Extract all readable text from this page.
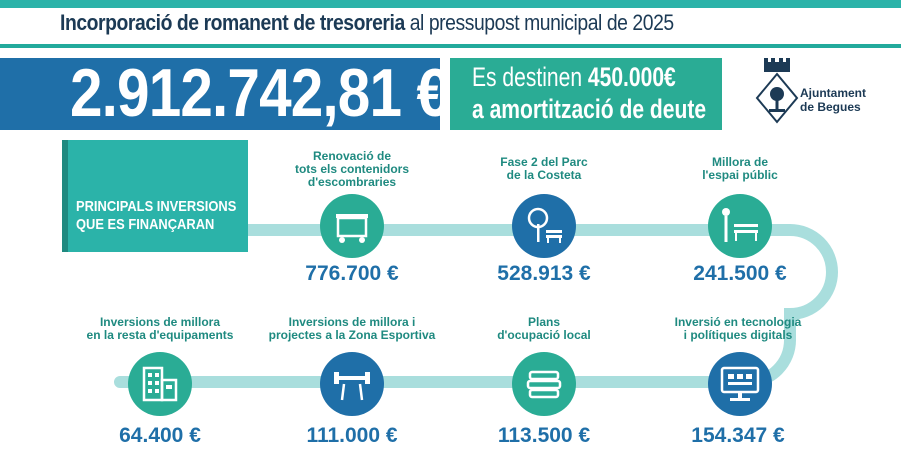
Incorporació de romanent de tresoreria al pressupost municipal de 2025
2.912.742,81 € Es destinen 450.000€
a amortització de deute
Ajuntament
de Begues
PRINCIPALS INVERSIONS
QUE ES FINANÇARAN
Renovació de
tots els contenidors
d'escombraries
776.700 €
Fase 2 del Parc
de la Costeta
528.913 €
Millora de
l'espai públic
241.500 €
Inversió en tecnologia
i polítiques digitals
154.347 €
Plans
d'ocupació local
113.500 €
Inversions de millora i
projectes a la Zona Esportiva
111.000 €
Inversions de millora
en la resta d'equipaments
64.400 €
